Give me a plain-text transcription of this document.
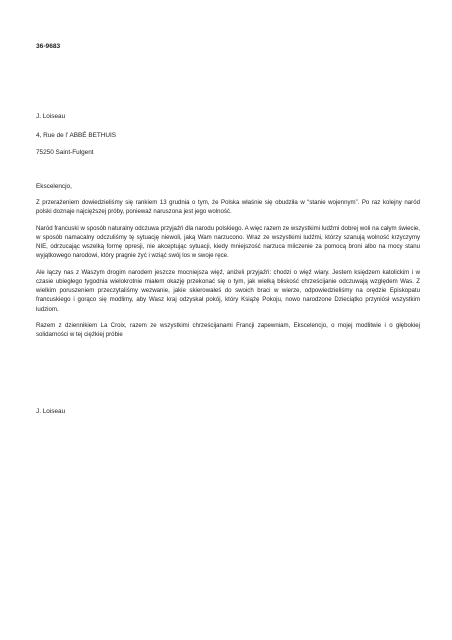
36-9683
J. Loiseau
4, Rue de l’ ABBÉ BETHUIS
75250 Saint-Fulgent
Ekscelencjo,

Z przerażeniem dowiedzieliśmy się rankiem 13 grudnia o tym, że Polska właśnie się obudziła w “stanie wojennym”. Po raz kolejny naród polski doznaje najcięższej próby, ponieważ naruszona jest jego wolność.

Naród francuski w sposób naturalny odczuwa przyjaźń dla narodu polskiego. A więc razem ze wszystkimi ludźmi dobrej woli na całym świecie, w sposób namacalny odczuliśmy tę sytuację niewoli, jaką Wam narzucono. Wraz ze wszystkimi ludźmi, którzy szanują wolność krzyczymy NIE, odrzucając wszelką formę opresji, nie akceptując sytuacji, kiedy mniejszość narzuca milczenie za pomocą broni albo na mocy stanu wyjątkowego narodowi, który pragnie żyć i wziąć swój los w swoje ręce.

Ale łączy nas z Waszym drogim narodem jeszcze mocniejsza więź, aniżeli przyjaźń: chodzi o więź wiary. Jestem księdzem katolickim i w czasie ubiegłego tygodnia wielokrotnie miałem okazję przekonać się o tym, jak wielką bliskość chrześcijanie odczuwają względem Was. Z wielkim poruszeniem przeczytaliśmy wezwanie, jakie skierowałeś do swoich braci w wierze, odpowiedzieliśmy na orędzie Episkopatu francuskiego i gorąco się modlimy, aby Wasz kraj odzyskał pokój, który Książę Pokoju, nowo narodzone Dzieciątko przyniósł wszystkim ludziom.

Razem z dziennikiem La Croix, razem ze wszystkimi chrześcijanami Francji zapewniam, Ekscelencjo, o mojej modlitwie i o głębokiej solidarności w tej ciężkiej próbie

J. Loiseau
